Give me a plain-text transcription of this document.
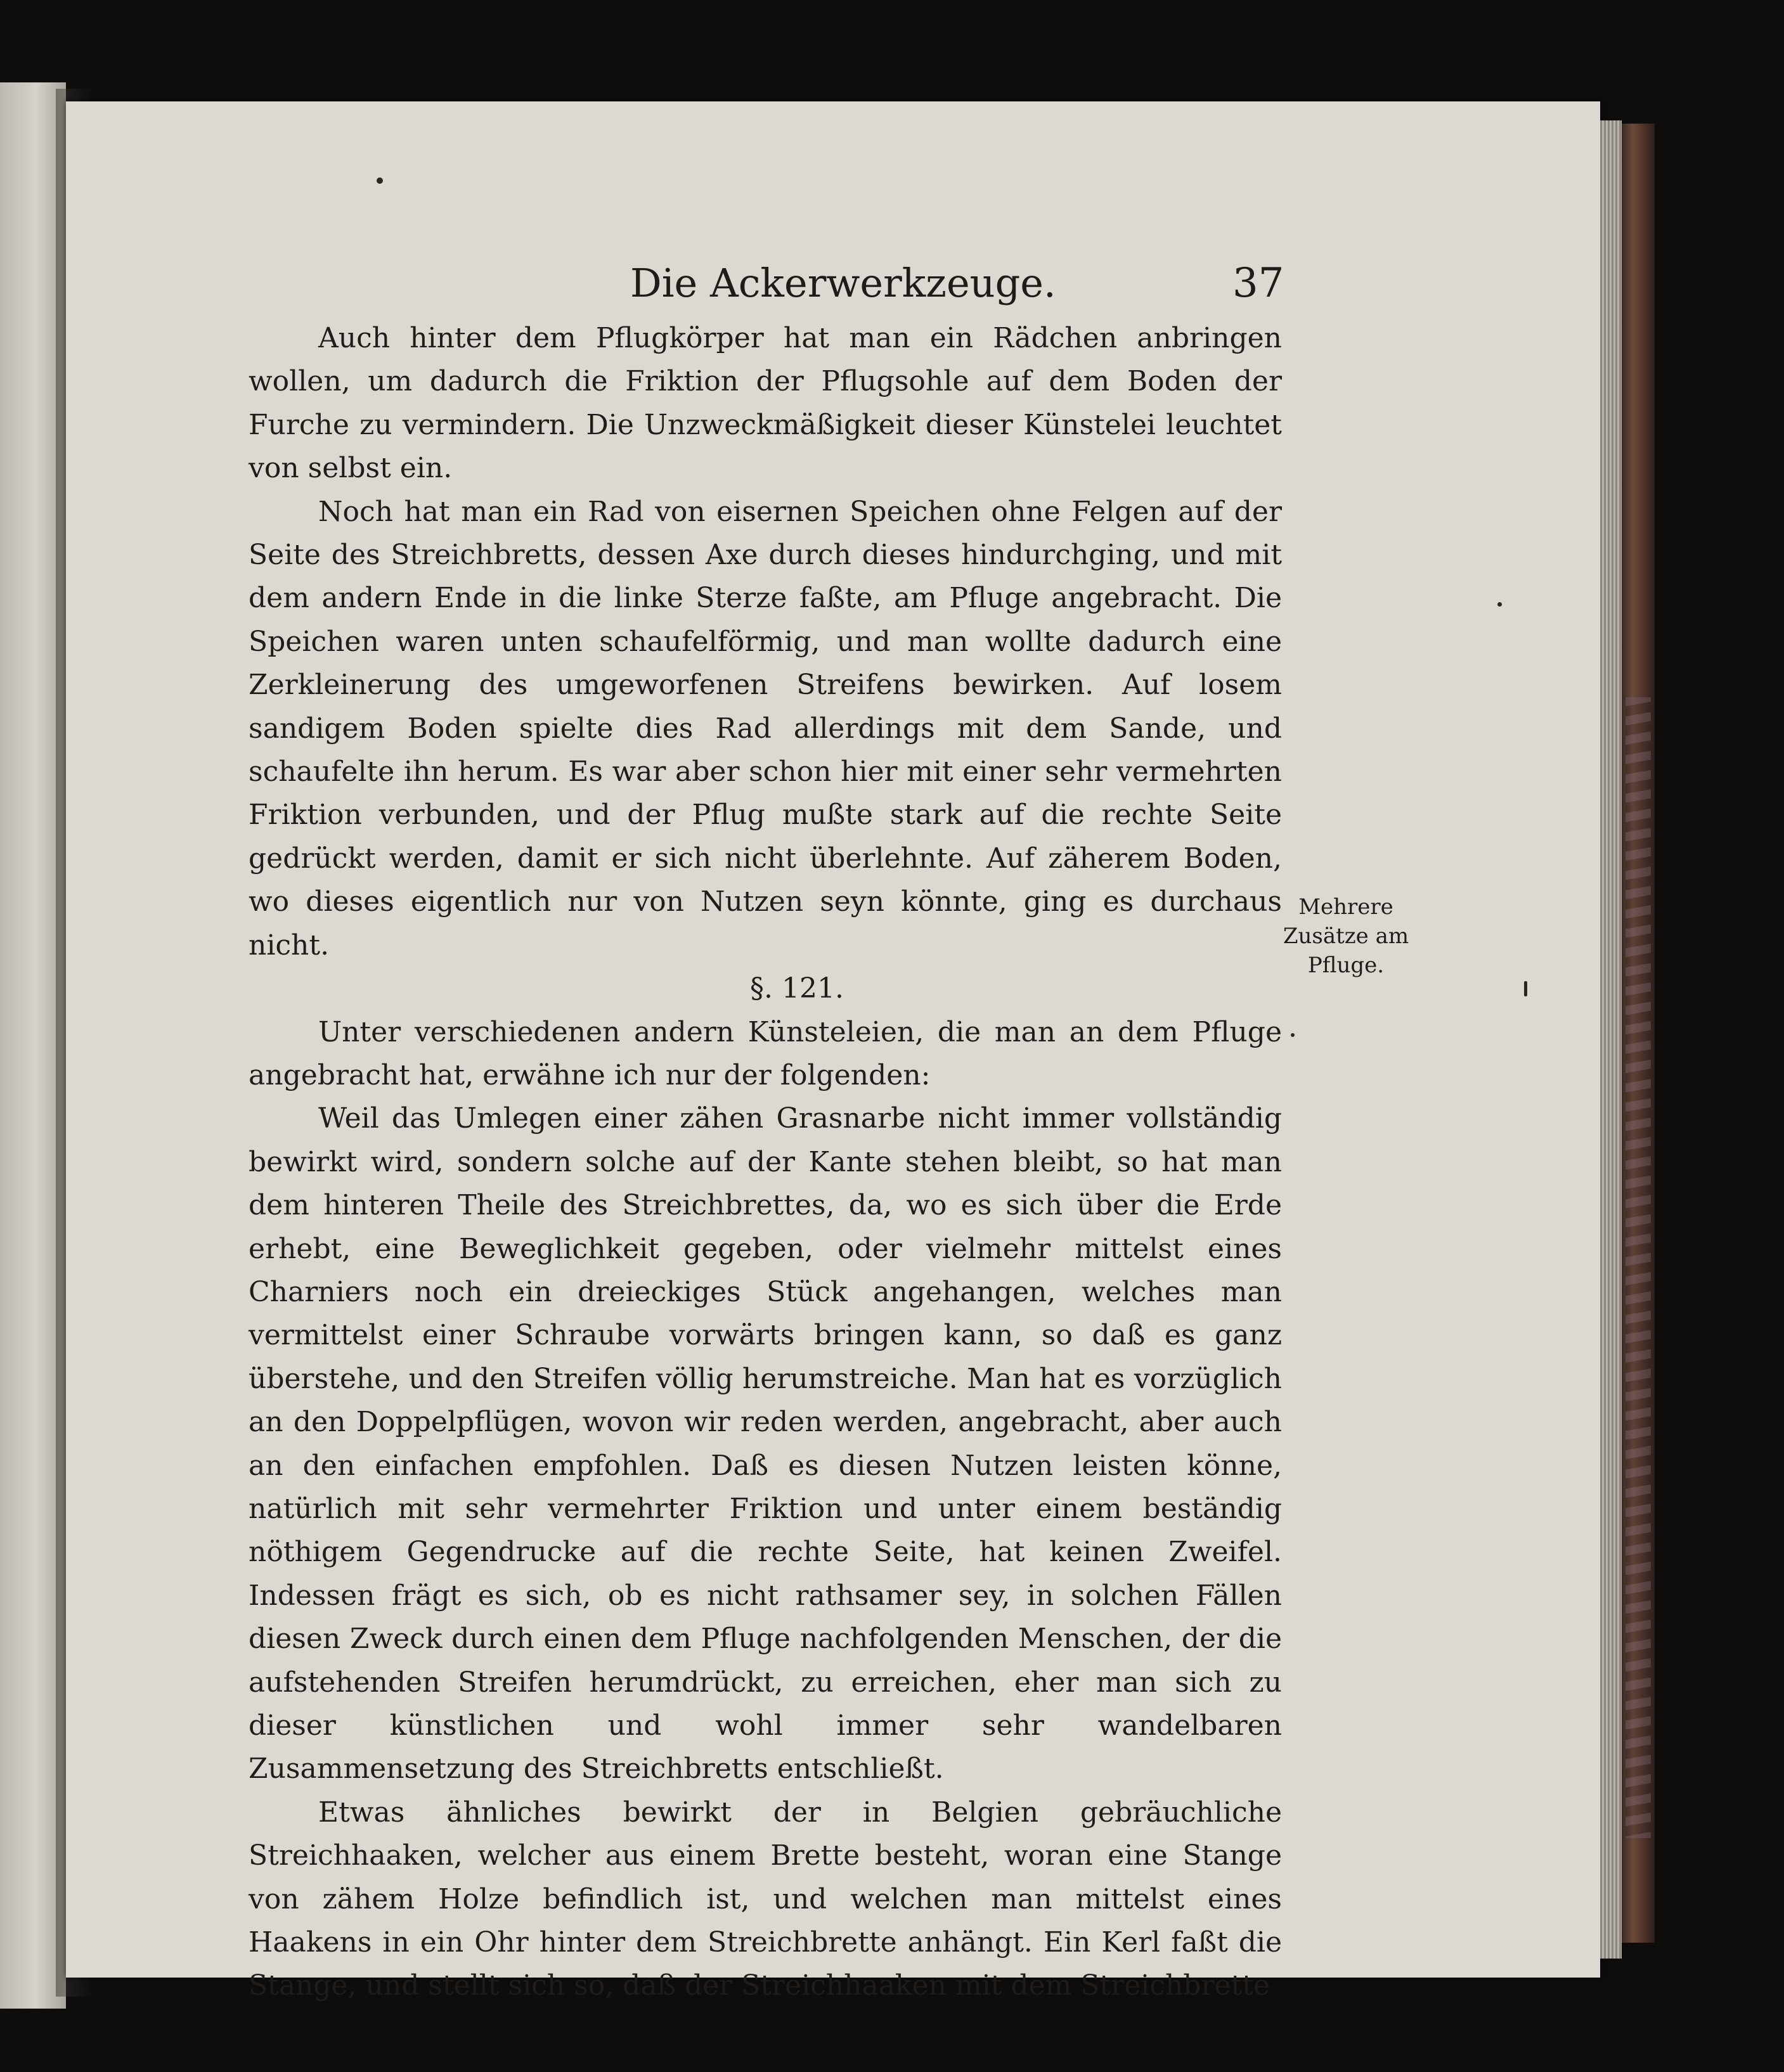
Die Ackerwerkzeuge.	37

Auch hinter dem Pflugkörper hat man ein Rädchen anbringen wollen, um dadurch die Friktion der Pflugsohle auf dem Boden der Furche zu vermindern. Die Unzweckmäßigkeit dieser Künstelei leuchtet von selbst ein.

Noch hat man ein Rad von eisernen Speichen ohne Felgen auf der Seite des Streichbretts, dessen Axe durch dieses hindurchging, und mit dem andern Ende in die linke Sterze faßte, am Pfluge angebracht. Die Speichen waren unten schaufelförmig, und man wollte dadurch eine Zerkleinerung des umgeworfenen Streifens bewirken. Auf losem sandigem Boden spielte dies Rad allerdings mit dem Sande, und schaufelte ihn herum. Es war aber schon hier mit einer sehr vermehrten Friktion verbunden, und der Pflug mußte stark auf die rechte Seite gedrückt werden, damit er sich nicht überlehnte. Auf zäherem Boden, wo dieses eigentlich nur von Nutzen seyn könnte, ging es durchaus nicht.

§. 121.

Unter verschiedenen andern Künsteleien, die man an dem Pfluge angebracht hat, erwähne ich nur der folgenden:

Weil das Umlegen einer zähen Grasnarbe nicht immer vollständig bewirkt wird, sondern solche auf der Kante stehen bleibt, so hat man dem hinteren Theile des Streichbrettes, da, wo es sich über die Erde erhebt, eine Beweglichkeit gegeben, oder vielmehr mittelst eines Charniers noch ein dreieckiges Stück angehangen, welches man vermittelst einer Schraube vorwärts bringen kann, so daß es ganz überstehe, und den Streifen völlig herumstreiche. Man hat es vorzüglich an den Doppelpflügen, wovon wir reden werden, angebracht, aber auch an den einfachen empfohlen. Daß es diesen Nutzen leisten könne, natürlich mit sehr vermehrter Friktion und unter einem beständig nöthigem Gegendrucke auf die rechte Seite, hat keinen Zweifel. Indessen frägt es sich, ob es nicht rathsamer sey, in solchen Fällen diesen Zweck durch einen dem Pfluge nachfolgenden Menschen, der die aufstehenden Streifen herumdrückt, zu erreichen, eher man sich zu dieser künstlichen und wohl immer sehr wandelbaren Zusammensetzung des Streichbretts entschließt.

Etwas ähnliches bewirkt der in Belgien gebräuchliche Streichhaaken, welcher aus einem Brette besteht, woran eine Stange von zähem Holze befindlich ist, und welchen man mittelst eines Haakens in ein Ohr hinter dem Streichbrette anhängt. Ein Kerl faßt die Stange, und stellt sich so, daß der Streichhaaken mit dem Streichbrette

Mehrere Zusätze am Pfluge.
